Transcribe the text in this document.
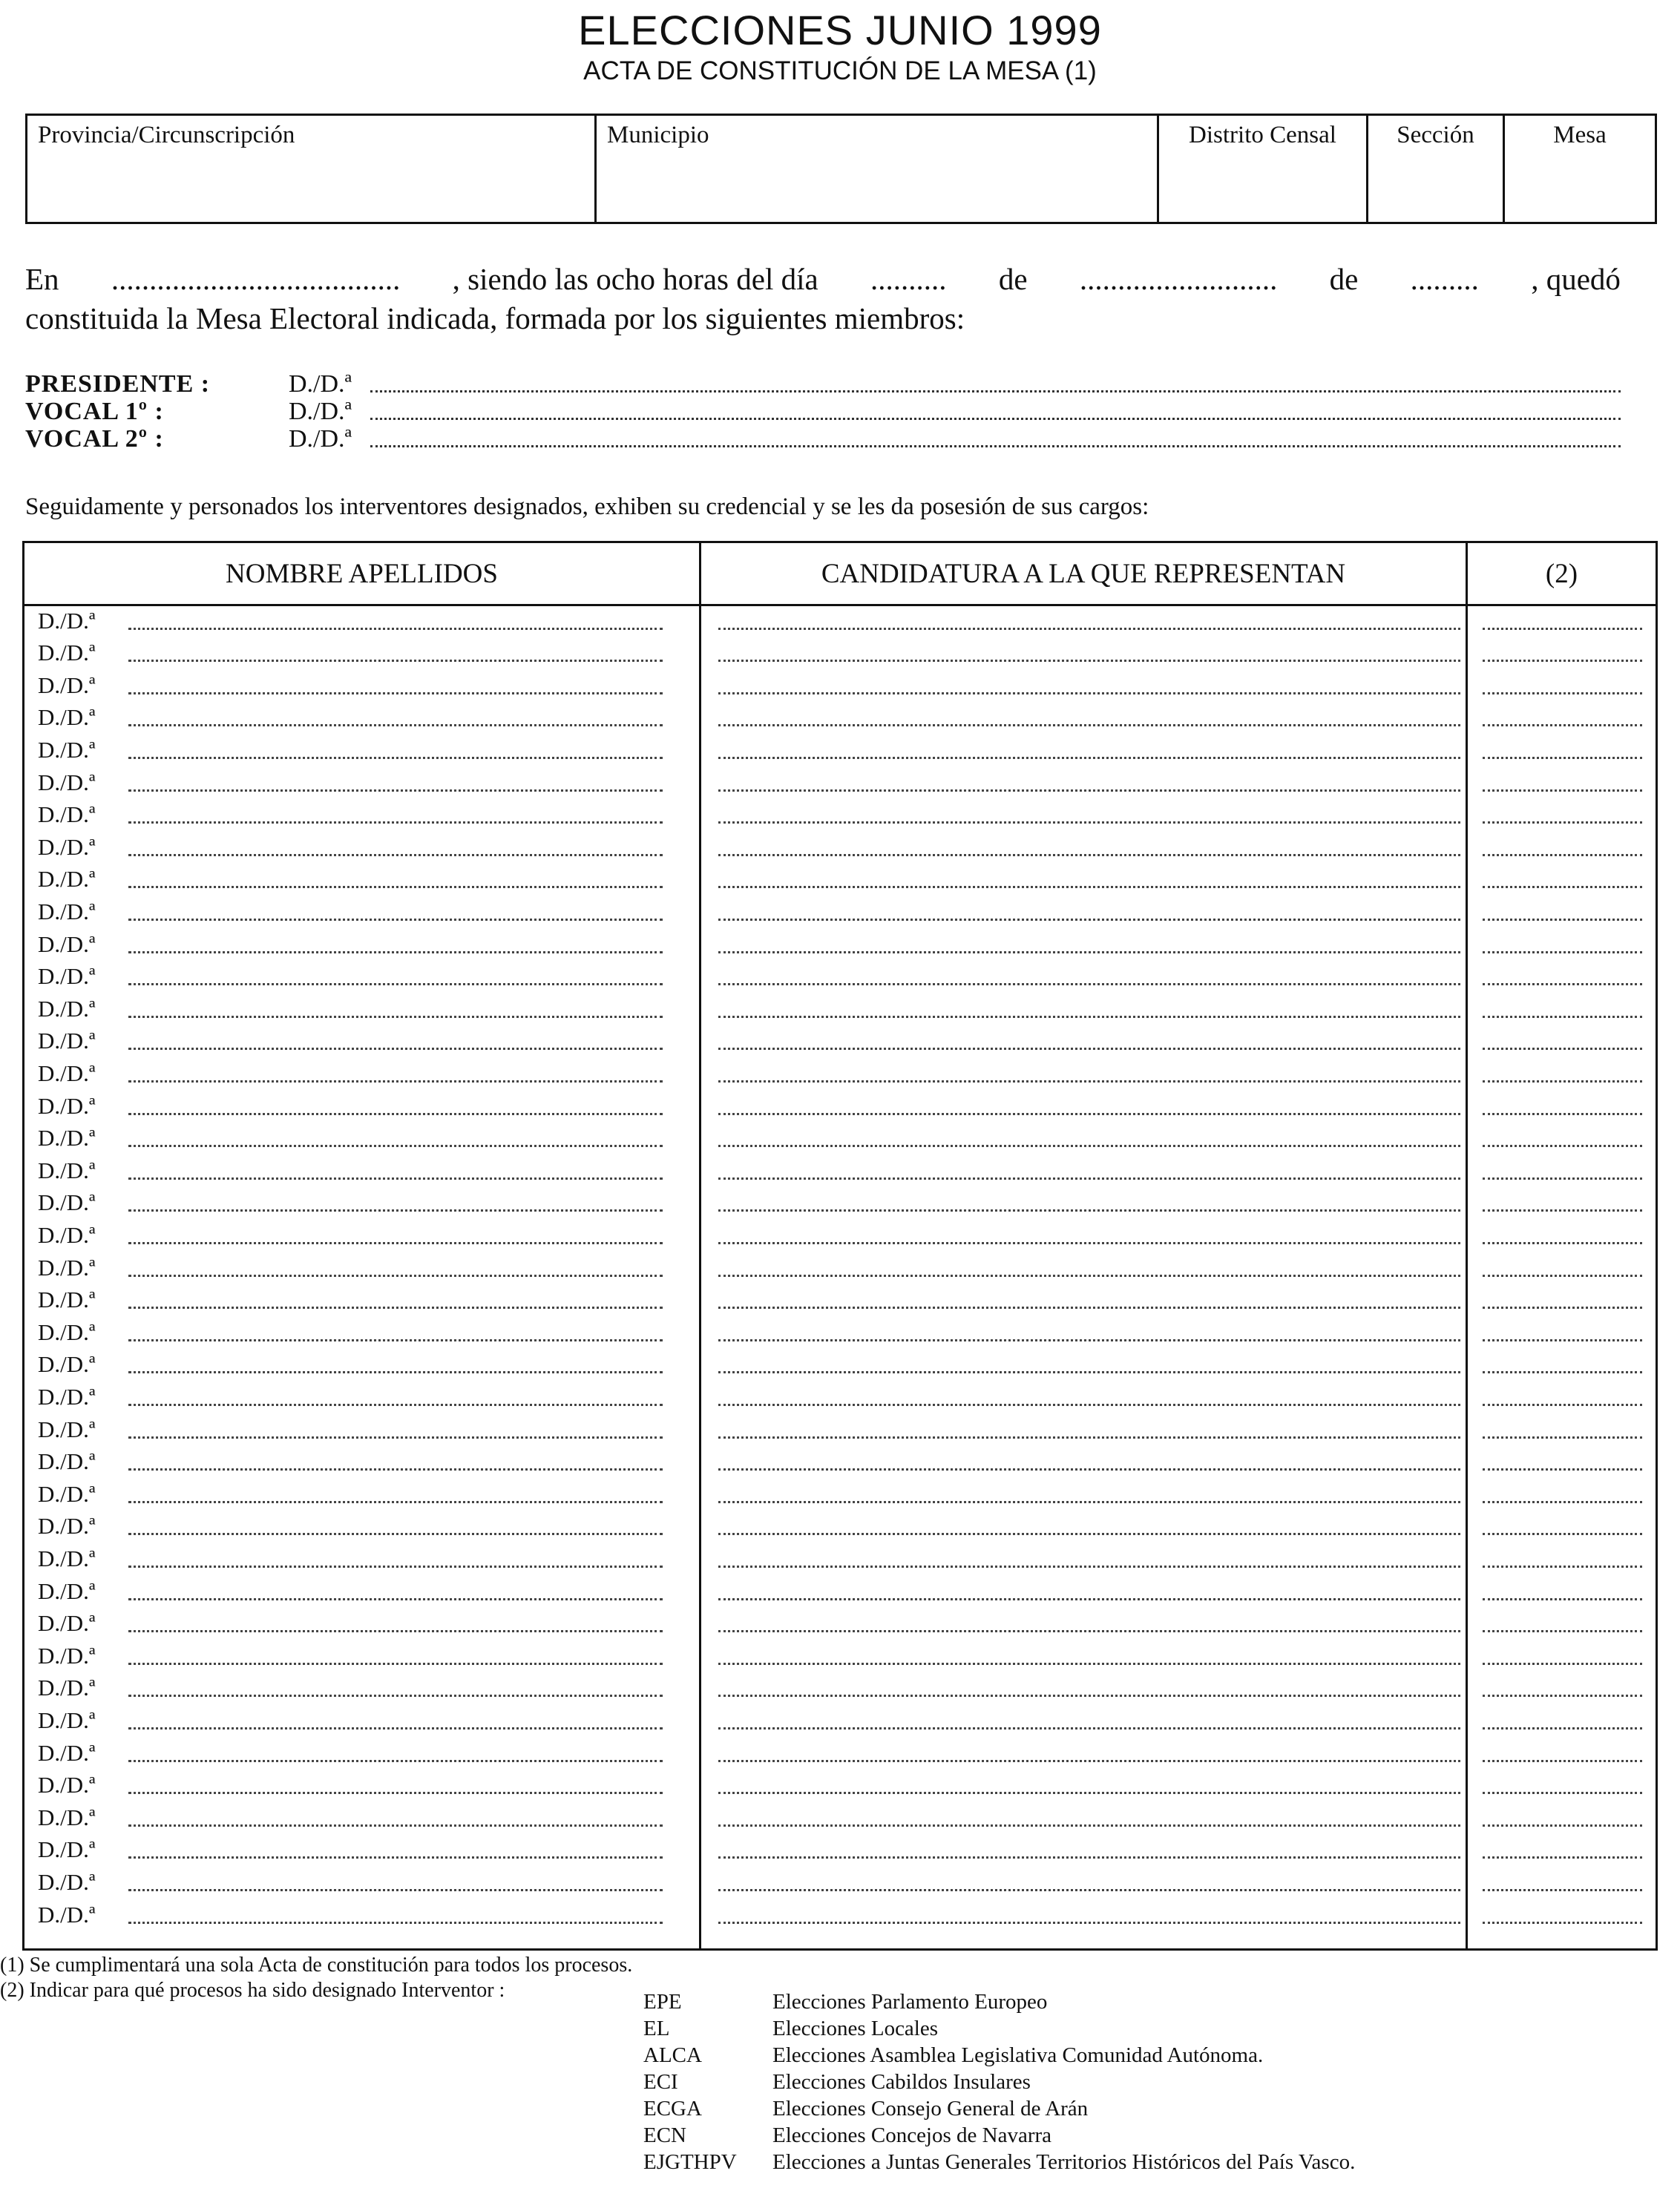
ELECCIONES JUNIO 1999
ACTA DE CONSTITUCIÓN DE LA MESA (1)
Provincia/Circunscripción	Municipio	Distrito Censal	Sección	Mesa
En ...................................... , siendo las ocho horas del día .......... de .......................... de ......... , quedó
constituida la Mesa Electoral indicada, formada por los siguientes miembros:
PRESIDENTE :	D./D.ª
VOCAL 1º :	D./D.ª
VOCAL 2º :	D./D.ª
Seguidamente y personados los interventores designados, exhiben su credencial y se les da posesión de sus cargos:
NOMBRE APELLIDOS	CANDIDATURA A LA QUE REPRESENTAN	(2)
D./D.ª
D./D.ª
D./D.ª
D./D.ª
D./D.ª
D./D.ª
D./D.ª
D./D.ª
D./D.ª
D./D.ª
D./D.ª
D./D.ª
D./D.ª
D./D.ª
D./D.ª
D./D.ª
D./D.ª
D./D.ª
D./D.ª
D./D.ª
D./D.ª
D./D.ª
D./D.ª
D./D.ª
D./D.ª
D./D.ª
D./D.ª
D./D.ª
D./D.ª
D./D.ª
D./D.ª
D./D.ª
D./D.ª
D./D.ª
D./D.ª
D./D.ª
D./D.ª
D./D.ª
D./D.ª
D./D.ª
D./D.ª
(1) Se cumplimentará una sola Acta de constitución para todos los procesos.
(2) Indicar para qué procesos ha sido designado Interventor :	EPE	Elecciones Parlamento Europeo
EL	Elecciones Locales
ALCA	Elecciones Asamblea Legislativa Comunidad Autónoma.
ECI	Elecciones Cabildos Insulares
ECGA	Elecciones Consejo General de Arán
ECN	Elecciones Concejos de Navarra
EJGTHPV	Elecciones a Juntas Generales Territorios Históricos del País Vasco.
